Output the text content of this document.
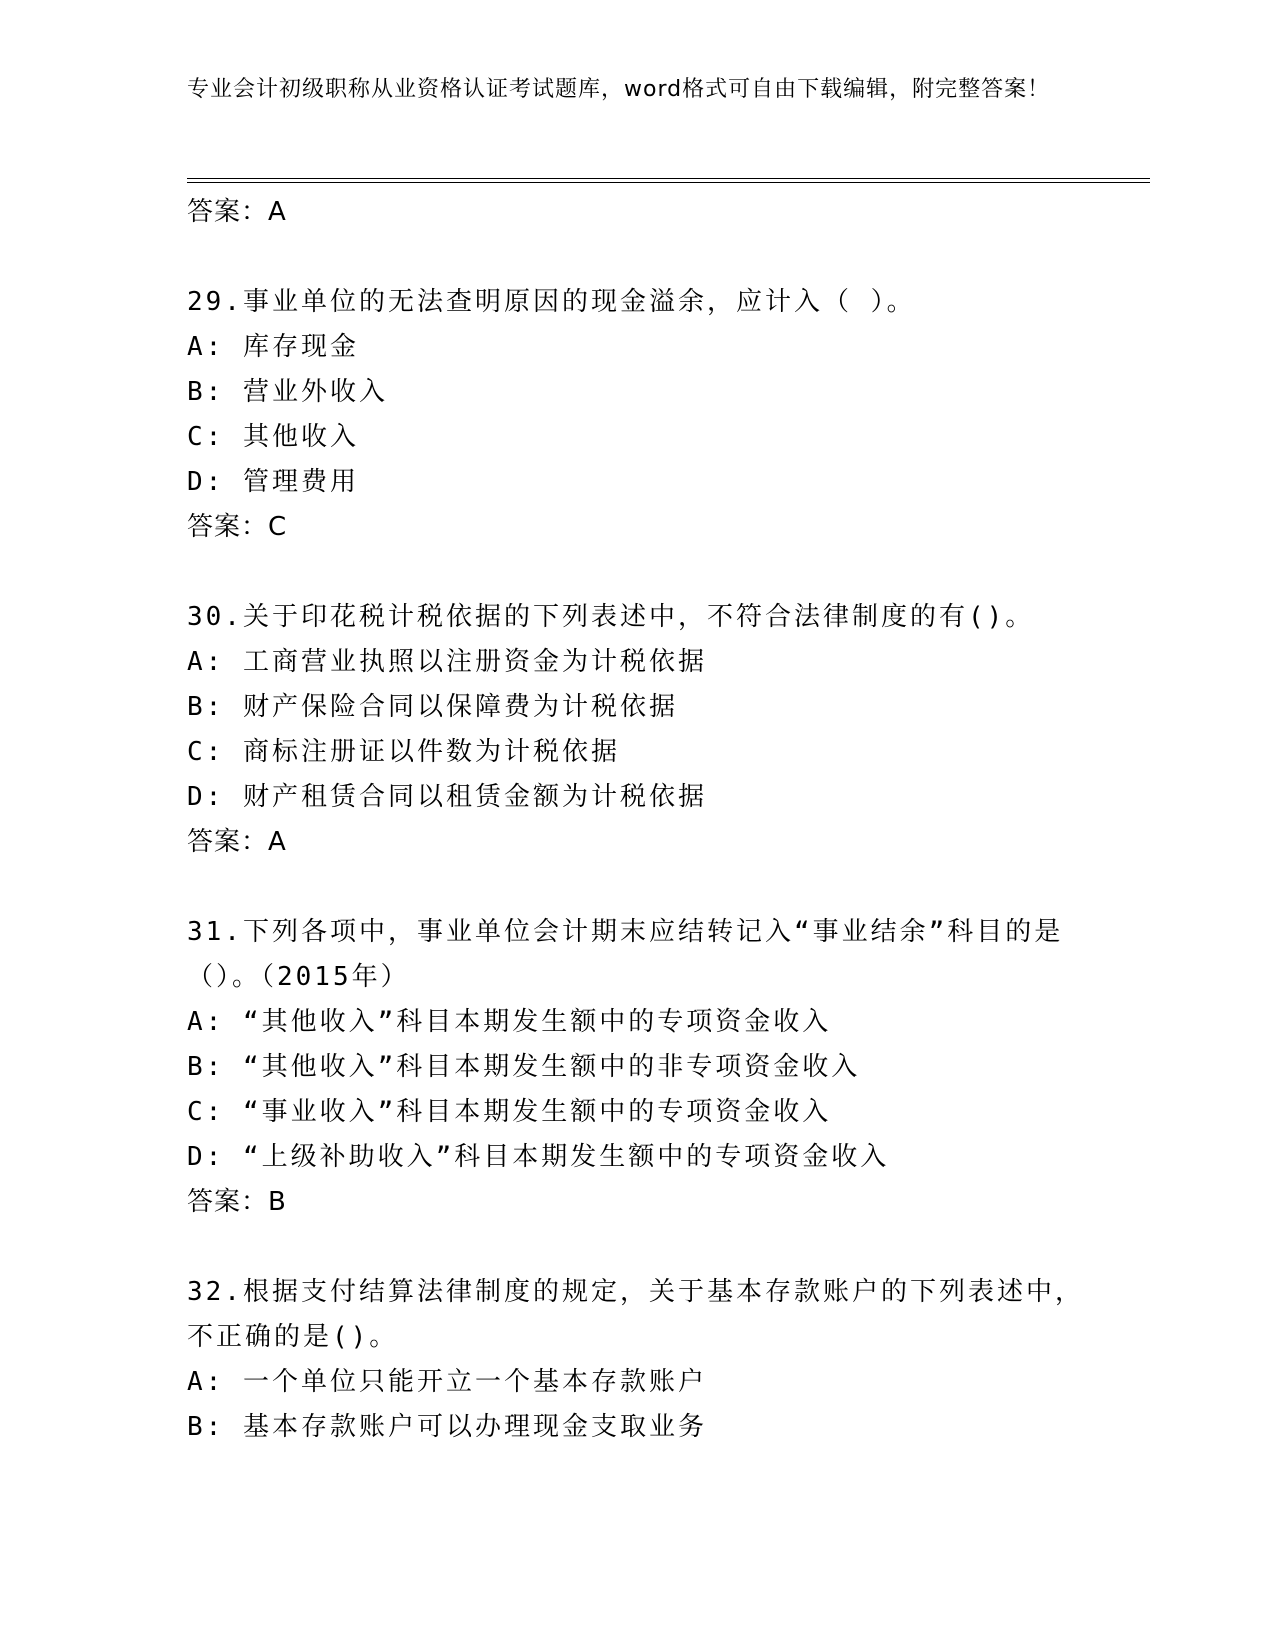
专业会计初级职称从业资格认证考试题库，word格式可自由下载编辑，附完整答案！
答案：A
29.事业单位的无法查明原因的现金溢余，应计入（ ）。
A: 库存现金
B: 营业外收入
C: 其他收入
D: 管理费用
答案：C
30.关于印花税计税依据的下列表述中，不符合法律制度的有()。
A: 工商营业执照以注册资金为计税依据
B: 财产保险合同以保障费为计税依据
C: 商标注册证以件数为计税依据
D: 财产租赁合同以租赁金额为计税依据
答案：A
31.下列各项中，事业单位会计期末应结转记入“事业结余”科目的是
（）。（2015年）
A: “其他收入”科目本期发生额中的专项资金收入
B: “其他收入”科目本期发生额中的非专项资金收入
C: “事业收入”科目本期发生额中的专项资金收入
D: “上级补助收入”科目本期发生额中的专项资金收入
答案：B
32.根据支付结算法律制度的规定，关于基本存款账户的下列表述中，
不正确的是()。
A: 一个单位只能开立一个基本存款账户
B: 基本存款账户可以办理现金支取业务
